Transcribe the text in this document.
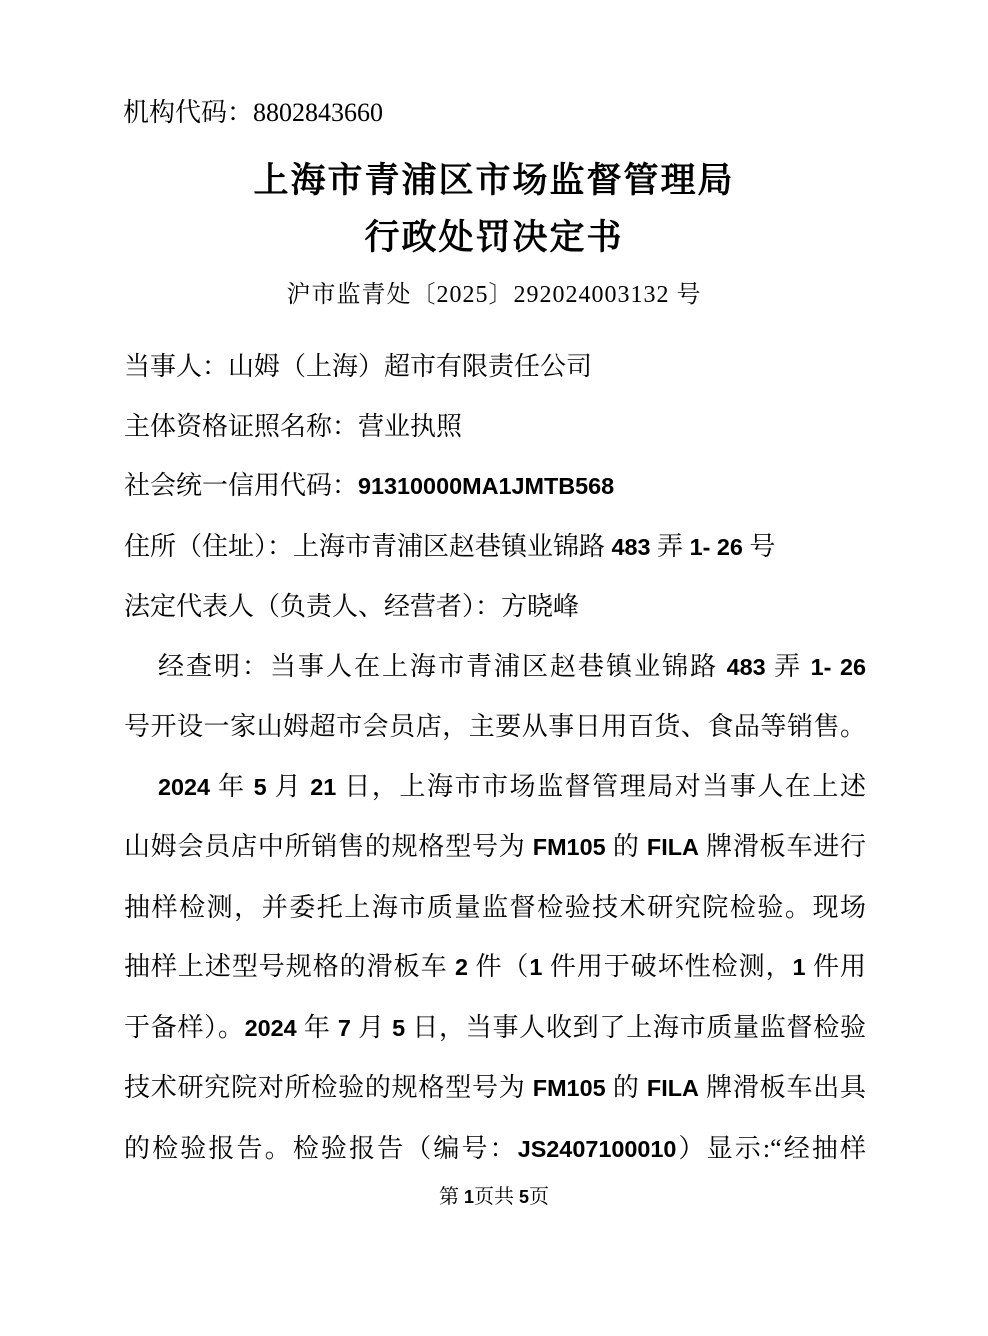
机构代码：8802843660
上海市青浦区市场监督管理局
行政处罚决定书
沪市监青处〔2025〕292024003132 号
当事人：山姆（上海）超市有限责任公司
主体资格证照名称：营业执照
社会统一信用代码：91310000MA1JMTB568
住所（住址）：上海市青浦区赵巷镇业锦路 483 弄 1- 26 号
法定代表人（负责人、经营者）：方晓峰
经查明：当事人在上海市青浦区赵巷镇业锦路 483 弄 1- 26
号开设一家山姆超市会员店，主要从事日用百货、食品等销售。
2024 年 5 月 21 日，上海市市场监督管理局对当事人在上述
山姆会员店中所销售的规格型号为 FM105 的 FILA 牌滑板车进行
抽样检测，并委托上海市质量监督检验技术研究院检验。现场
抽样上述型号规格的滑板车 2 件（1 件用于破坏性检测，1 件用
于备样）。2024 年 7 月 5 日，当事人收到了上海市质量监督检验
技术研究院对所检验的规格型号为 FM105 的 FILA 牌滑板车出具
的检验报告。检验报告（编号：JS2407100010）显示:“经抽样
第 1页共 5页
